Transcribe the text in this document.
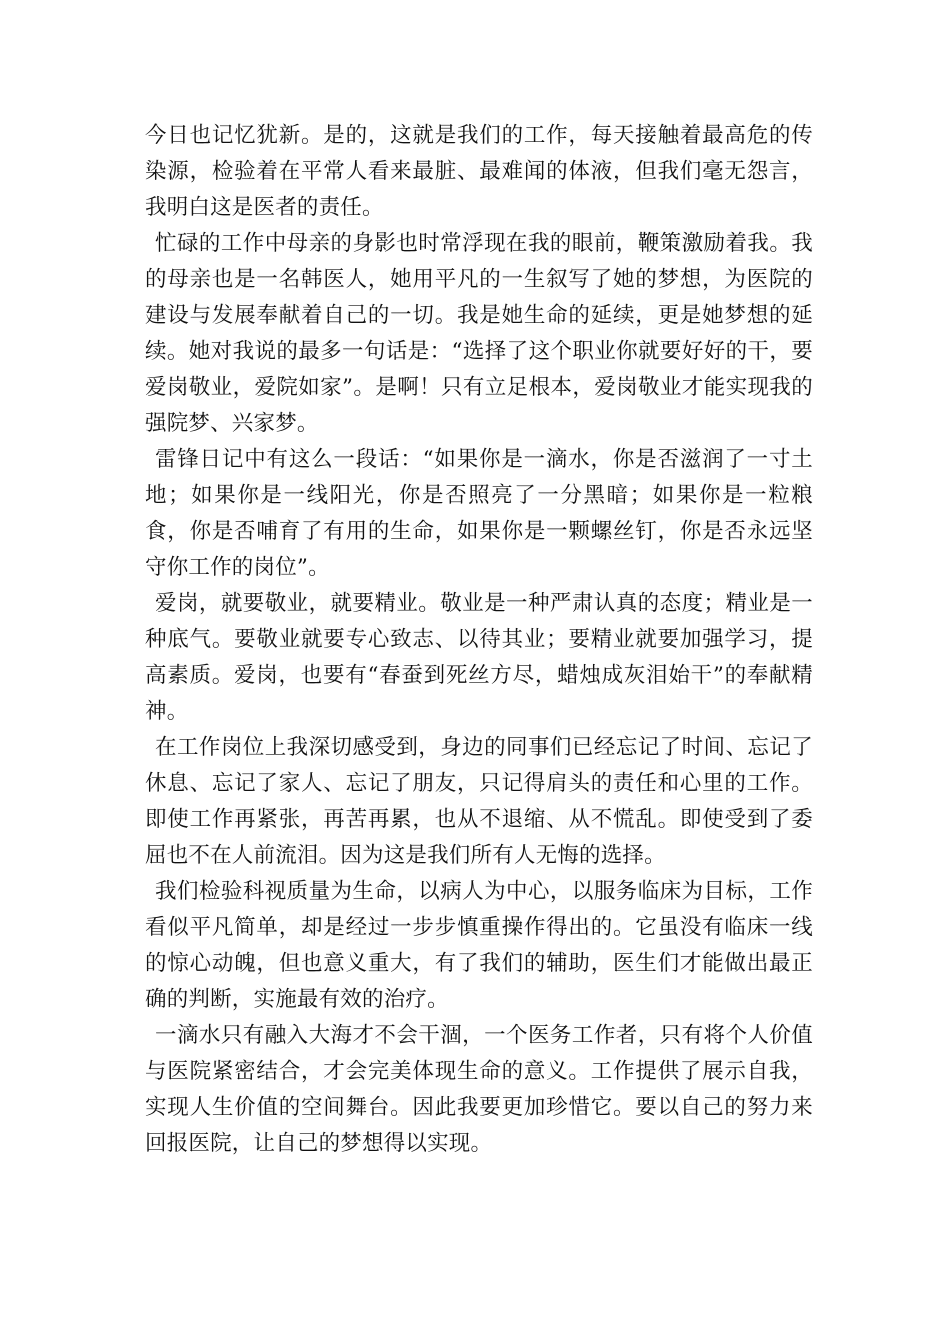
今日也记忆犹新。是的，这就是我们的工作，每天接触着最高危的传染源，检验着在平常人看来最脏、最难闻的体液，但我们毫无怨言，我明白这是医者的责任。

忙碌的工作中母亲的身影也时常浮现在我的眼前，鞭策激励着我。我的母亲也是一名韩医人，她用平凡的一生叙写了她的梦想，为医院的建设与发展奉献着自己的一切。我是她生命的延续，更是她梦想的延续。她对我说的最多一句话是：“选择了这个职业你就要好好的干，要爱岗敬业，爱院如家”。是啊！只有立足根本，爱岗敬业才能实现我的强院梦、兴家梦。

雷锋日记中有这么一段话：“如果你是一滴水，你是否滋润了一寸土地；如果你是一线阳光，你是否照亮了一分黑暗；如果你是一粒粮食，你是否哺育了有用的生命，如果你是一颗螺丝钉，你是否永远坚守你工作的岗位”。

爱岗，就要敬业，就要精业。敬业是一种严肃认真的态度；精业是一种底气。要敬业就要专心致志、以待其业；要精业就要加强学习，提高素质。爱岗，也要有“春蚕到死丝方尽，蜡烛成灰泪始干”的奉献精神。

在工作岗位上我深切感受到，身边的同事们已经忘记了时间、忘记了休息、忘记了家人、忘记了朋友，只记得肩头的责任和心里的工作。即使工作再紧张，再苦再累，也从不退缩、从不慌乱。即使受到了委屈也不在人前流泪。因为这是我们所有人无悔的选择。

我们检验科视质量为生命，以病人为中心，以服务临床为目标，工作看似平凡简单，却是经过一步步慎重操作得出的。它虽没有临床一线的惊心动魄，但也意义重大，有了我们的辅助，医生们才能做出最正确的判断，实施最有效的治疗。

一滴水只有融入大海才不会干涸，一个医务工作者，只有将个人价值与医院紧密结合，才会完美体现生命的意义。工作提供了展示自我，实现人生价值的空间舞台。因此我要更加珍惜它。要以自己的努力来回报医院，让自己的梦想得以实现。
